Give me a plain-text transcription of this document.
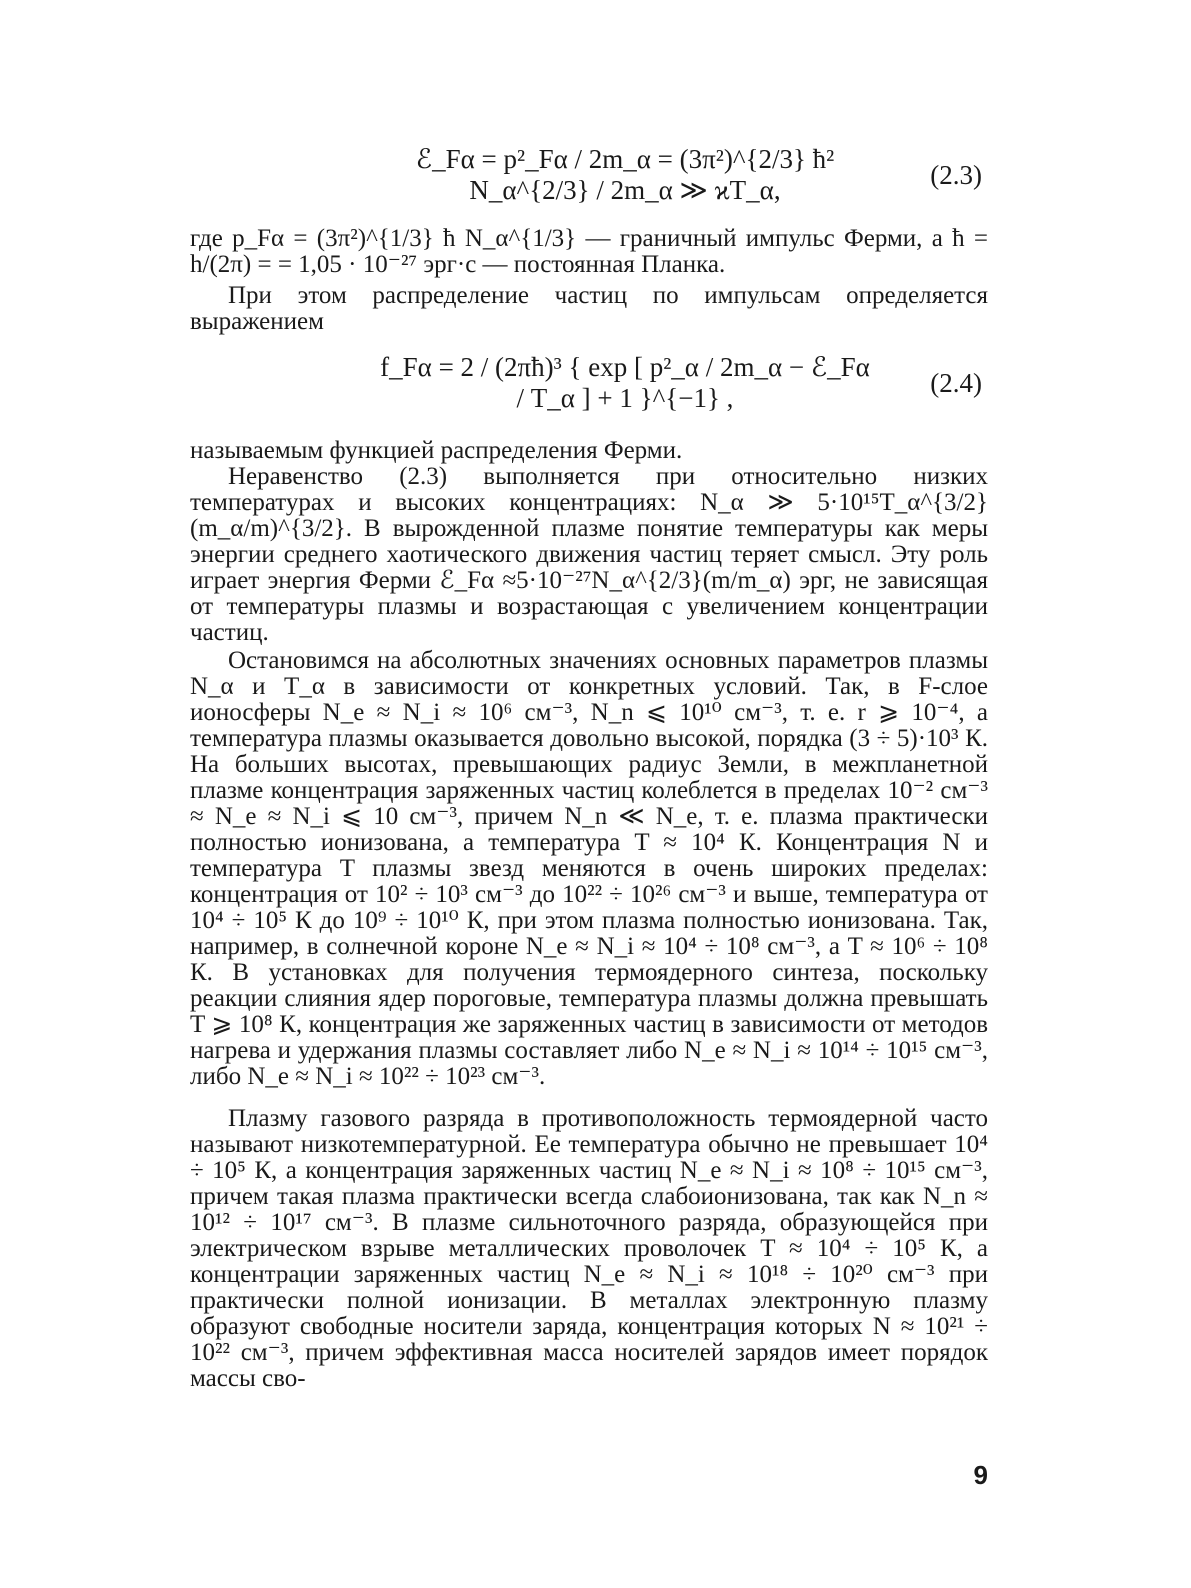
ℰ_Fα = p²_Fα / 2m_α = (3π²)^{2/3} ħ² N_α^{2/3} / 2m_α ≫ ϰT_α,
(2.3)

где p_Fα = (3π²)^{1/3} ħ N_α^{1/3} — граничный импульс Ферми, а ħ = h/(2π) = = 1,05 · 10⁻²⁷ эрг·с — постоянная Планка.

При этом распределение частиц по импульсам определяется выражением

f_Fα = 2 / (2πħ)³ { exp [ p²_α / 2m_α − ℰ_Fα / T_α ] + 1 }^{−1} ,
(2.4)

называемым функцией распределения Ферми.

Неравенство (2.3) выполняется при относительно низких температурах и высоких концентрациях: N_α ≫ 5·10¹⁵T_α^{3/2}(m_α/m)^{3/2}. В вырожденной плазме понятие температуры как меры энергии среднего хаотического движения частиц теряет смысл. Эту роль играет энергия Ферми ℰ_Fα ≈5·10⁻²⁷N_α^{2/3}(m/m_α) эрг, не зависящая от температуры плазмы и возрастающая с увеличением концентрации частиц.

Остановимся на абсолютных значениях основных параметров плазмы N_α и T_α в зависимости от конкретных условий. Так, в F-слое ионосферы N_e ≈ N_i ≈ 10⁶ см⁻³, N_n ⩽ 10¹⁰ см⁻³, т. е. r ⩾ 10⁻⁴, а температура плазмы оказывается довольно высокой, порядка (3 ÷ 5)·10³ К. На больших высотах, превышающих радиус Земли, в межпланетной плазме концентрация заряженных частиц колеблется в пределах 10⁻² см⁻³ ≈ N_e ≈ N_i ⩽ 10 см⁻³, причем N_n ≪ N_e, т. е. плазма практически полностью ионизована, а температура T ≈ 10⁴ К. Концентрация N и температура T плазмы звезд меняются в очень широких пределах: концентрация от 10² ÷ 10³ см⁻³ до 10²² ÷ 10²⁶ см⁻³ и выше, температура от 10⁴ ÷ 10⁵ К до 10⁹ ÷ 10¹⁰ К, при этом плазма полностью ионизована. Так, например, в солнечной короне N_e ≈ N_i ≈ 10⁴ ÷ 10⁸ см⁻³, а T ≈ 10⁶ ÷ 10⁸ К. В установках для получения термоядерного синтеза, поскольку реакции слияния ядер пороговые, температура плазмы должна превышать T ⩾ 10⁸ К, концентрация же заряженных частиц в зависимости от методов нагрева и удержания плазмы составляет либо N_e ≈ N_i ≈ 10¹⁴ ÷ 10¹⁵ см⁻³, либо N_e ≈ N_i ≈ 10²² ÷ 10²³ см⁻³.

Плазму газового разряда в противоположность термоядерной часто называют низкотемпературной. Ее температура обычно не превышает 10⁴ ÷ 10⁵ К, а концентрация заряженных частиц N_e ≈ N_i ≈ 10⁸ ÷ 10¹⁵ см⁻³, причем такая плазма практически всегда слабоионизована, так как N_n ≈ 10¹² ÷ 10¹⁷ см⁻³. В плазме сильноточного разряда, образующейся при электрическом взрыве металлических проволочек T ≈ 10⁴ ÷ 10⁵ К, а концентрации заряженных частиц N_e ≈ N_i ≈ 10¹⁸ ÷ 10²⁰ см⁻³ при практически полной ионизации. В металлах электронную плазму образуют свободные носители заряда, концентрация которых N ≈ 10²¹ ÷ 10²² см⁻³, причем эффективная масса носителей зарядов имеет порядок массы сво-

9
